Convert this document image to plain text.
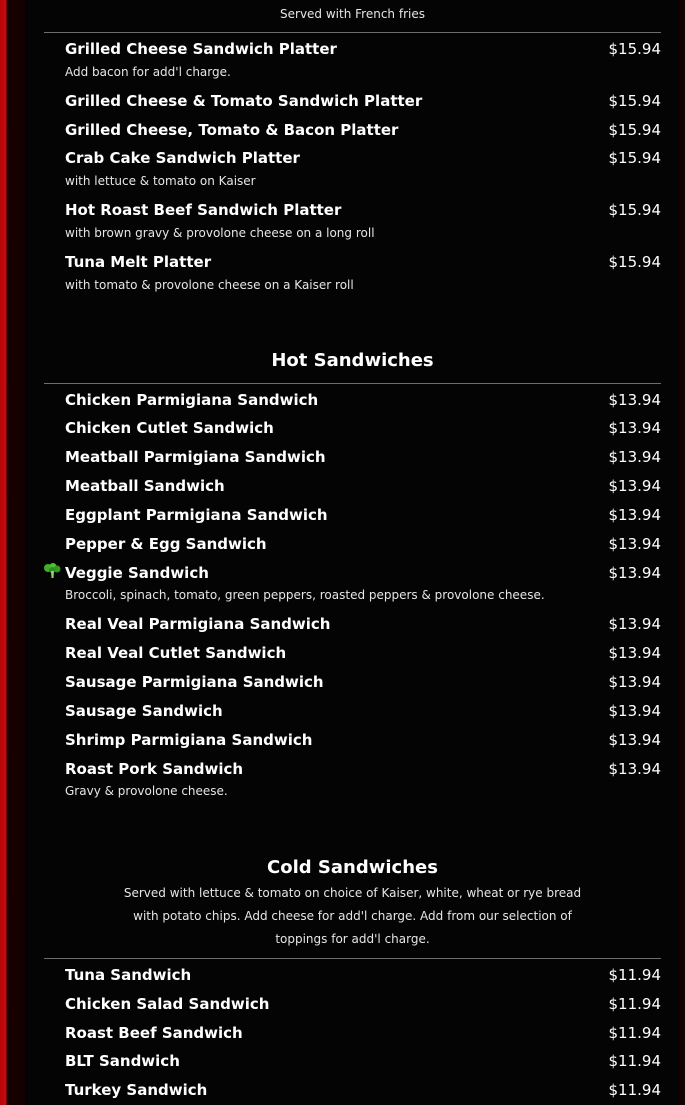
Served with French fries
Grilled Cheese Sandwich Platter	$15.94
Add bacon for add'l charge.
Grilled Cheese & Tomato Sandwich Platter	$15.94
Grilled Cheese, Tomato & Bacon Platter	$15.94
Crab Cake Sandwich Platter	$15.94
with lettuce & tomato on Kaiser
Hot Roast Beef Sandwich Platter	$15.94
with brown gravy & provolone cheese on a long roll
Tuna Melt Platter	$15.94
with tomato & provolone cheese on a Kaiser roll
Hot Sandwiches
Chicken Parmigiana Sandwich	$13.94
Chicken Cutlet Sandwich	$13.94
Meatball Parmigiana Sandwich	$13.94
Meatball Sandwich	$13.94
Eggplant Parmigiana Sandwich	$13.94
Pepper & Egg Sandwich	$13.94
Veggie Sandwich	$13.94
Broccoli, spinach, tomato, green peppers, roasted peppers & provolone cheese.
Real Veal Parmigiana Sandwich	$13.94
Real Veal Cutlet Sandwich	$13.94
Sausage Parmigiana Sandwich	$13.94
Sausage Sandwich	$13.94
Shrimp Parmigiana Sandwich	$13.94
Roast Pork Sandwich	$13.94
Gravy & provolone cheese.
Cold Sandwiches
Served with lettuce & tomato on choice of Kaiser, white, wheat or rye bread
with potato chips. Add cheese for add'l charge. Add from our selection of
toppings for add'l charge.
Tuna Sandwich	$11.94
Chicken Salad Sandwich	$11.94
Roast Beef Sandwich	$11.94
BLT Sandwich	$11.94
Turkey Sandwich	$11.94
